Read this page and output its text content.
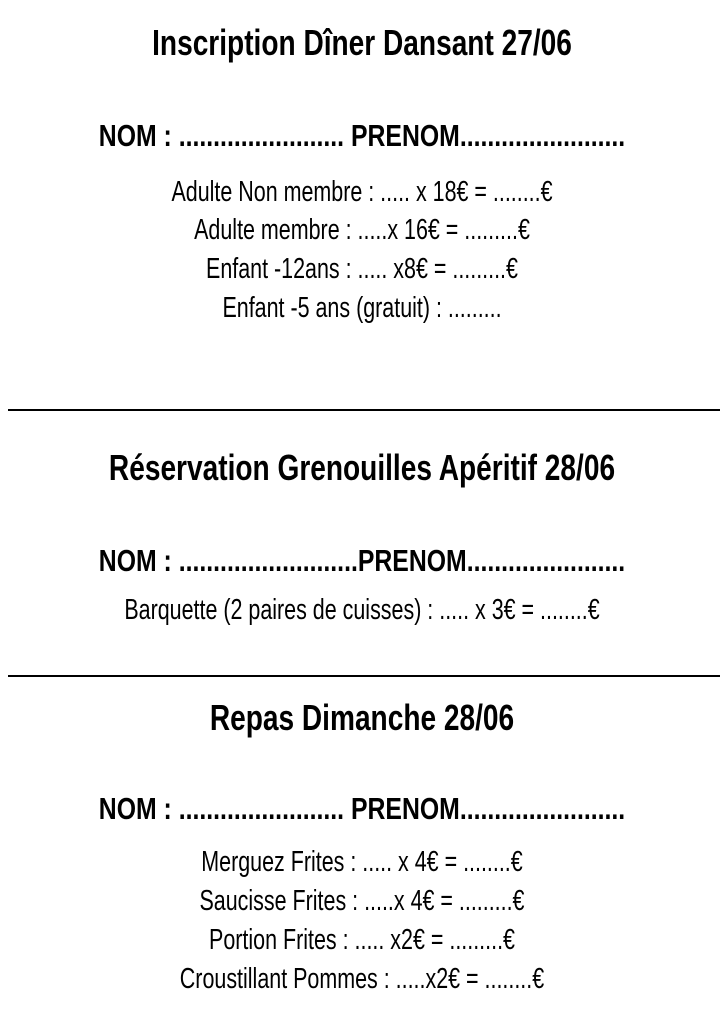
Inscription Dîner Dansant 27/06
NOM : ........................ PRENOM........................
Adulte Non membre : ..... x 18€ = ........€
Adulte membre : .....x 16€ = .........€
Enfant -12ans : ..... x8€ = .........€
Enfant -5 ans (gratuit) : .........
Réservation Grenouilles Apéritif 28/06
NOM : ..........................PRENOM.......................
Barquette (2 paires de cuisses) : ..... x 3€ = ........€
Repas Dimanche 28/06
NOM : ........................ PRENOM........................
Merguez Frites : ..... x 4€ = ........€
Saucisse Frites : .....x 4€ = .........€
Portion Frites : ..... x2€ = .........€
Croustillant Pommes : .....x2€ = ........€
